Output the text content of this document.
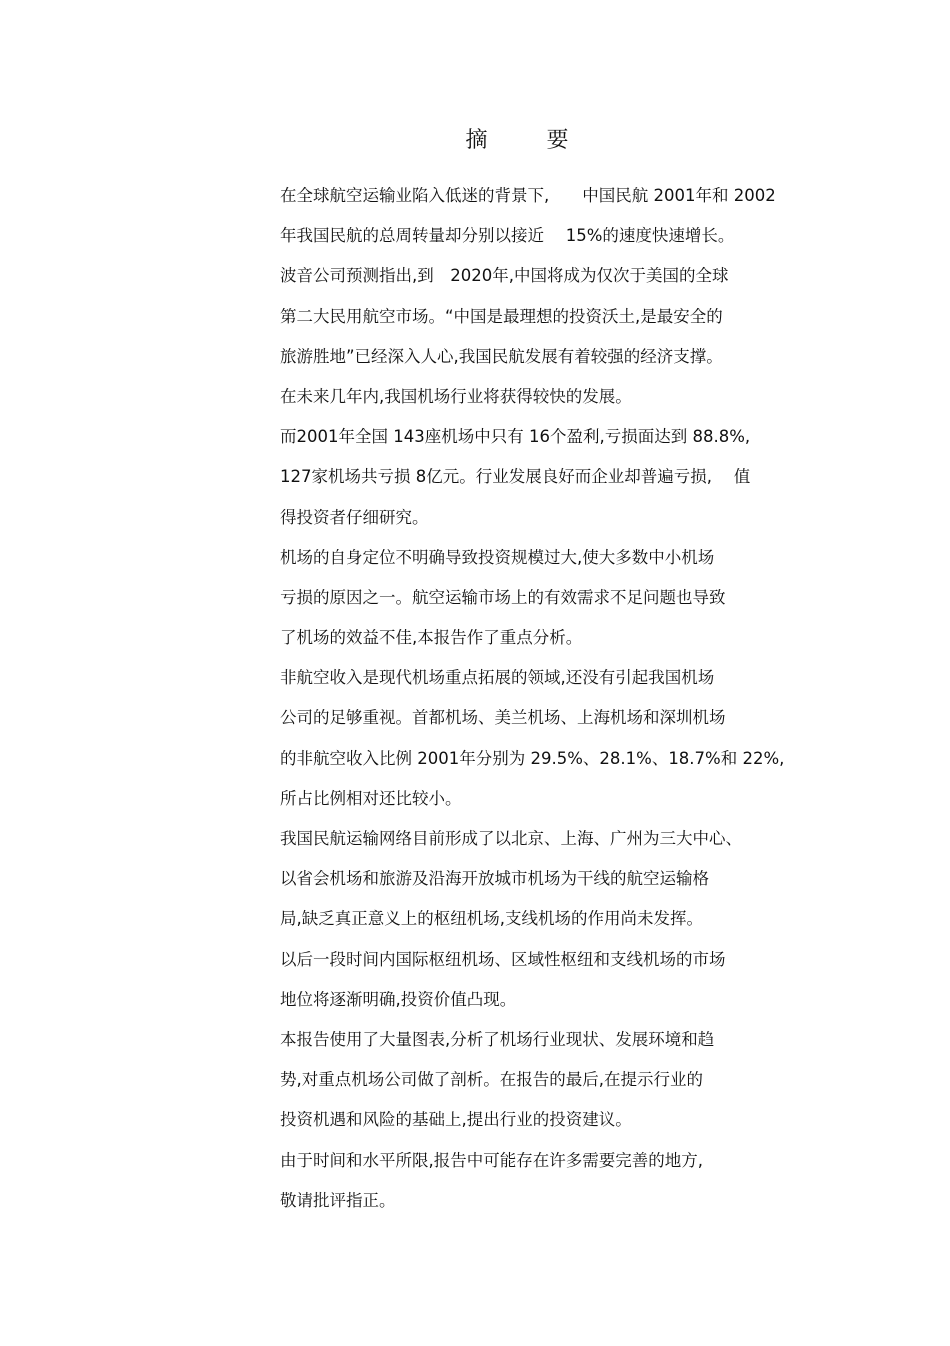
摘 要
在全球航空运输业陷入低迷的背景下,　　中国民航 2001年和 2002
年我国民航的总周转量却分别以接近　 15%的速度快速增长。
波音公司预测指出,到　2020年,中国将成为仅次于美国的全球
第二大民用航空市场。“中国是最理想的投资沃土,是最安全的
旅游胜地”已经深入人心,我国民航发展有着较强的经济支撑。
在未来几年内,我国机场行业将获得较快的发展。
而2001年全国 143座机场中只有 16个盈利,亏损面达到 88.8%,
127家机场共亏损 8亿元。行业发展良好而企业却普遍亏损,　 值
得投资者仔细研究。
机场的自身定位不明确导致投资规模过大,使大多数中小机场
亏损的原因之一。航空运输市场上的有效需求不足问题也导致
了机场的效益不佳,本报告作了重点分析。
非航空收入是现代机场重点拓展的领域,还没有引起我国机场
公司的足够重视。首都机场、美兰机场、上海机场和深圳机场
的非航空收入比例 2001年分别为 29.5%、28.1%、18.7%和 22%,
所占比例相对还比较小。
我国民航运输网络目前形成了以北京、上海、广州为三大中心、
以省会机场和旅游及沿海开放城市机场为干线的航空运输格
局,缺乏真正意义上的枢纽机场,支线机场的作用尚未发挥。
以后一段时间内国际枢纽机场、区域性枢纽和支线机场的市场
地位将逐渐明确,投资价值凸现。
本报告使用了大量图表,分析了机场行业现状、发展环境和趋
势,对重点机场公司做了剖析。在报告的最后,在提示行业的
投资机遇和风险的基础上,提出行业的投资建议。
由于时间和水平所限,报告中可能存在许多需要完善的地方,
敬请批评指正。
